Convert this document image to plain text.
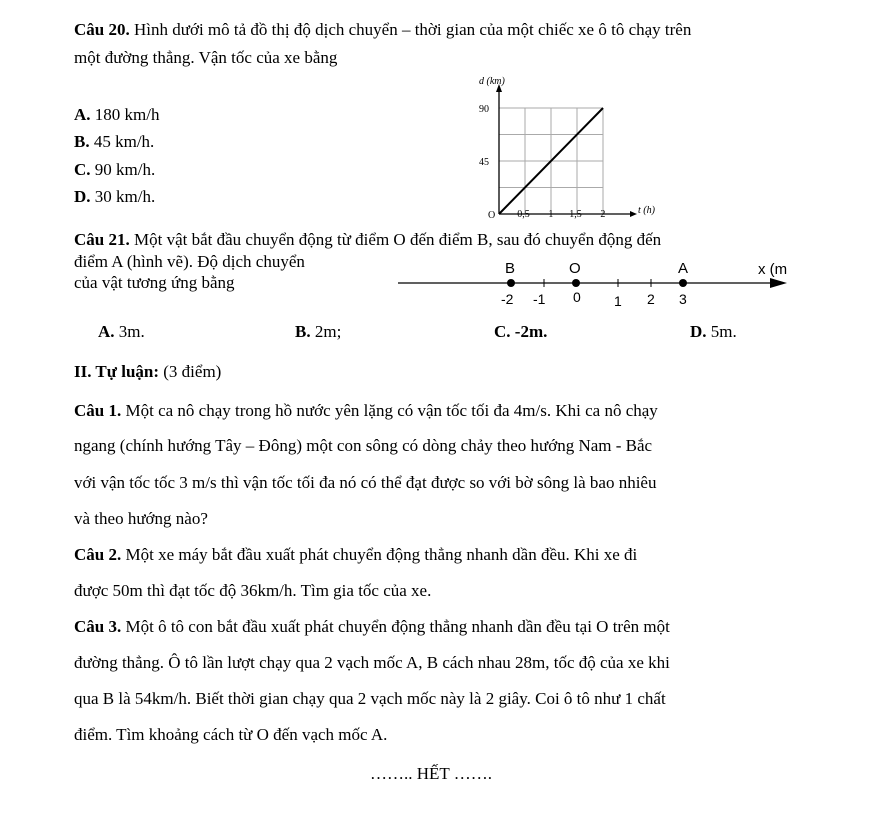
Câu 20. Hình dưới mô tả đồ thị độ dịch chuyển – thời gian của một chiếc xe ô tô chạy trên
một đường thẳng. Vận tốc của xe bằng
A. 180 km/h
B. 45 km/h.
C. 90 km/h.
D. 30 km/h.
0,5 1 1,5 2
45
90
O	t (h)
d (km)
Câu 21. Một vật bắt đầu chuyển động từ điểm O đến điểm B, sau đó chuyển động đến
điểm A (hình vẽ). Độ dịch chuyển
của vật tương ứng bằng
B	O	A	x (m
-2 -1 0 1 2 3
A. 3m.	B. 2m;	C. -2m.	D. 5m.
II. Tự luận: (3 điểm)
Câu 1. Một ca nô chạy trong hồ nước yên lặng có vận tốc tối đa 4m/s. Khi ca nô chạy
ngang (chính hướng Tây – Đông) một con sông có dòng chảy theo hướng Nam - Bắc
với vận tốc tốc 3 m/s thì vận tốc tối đa nó có thể đạt được so với bờ sông là bao nhiêu
và theo hướng nào?
Câu 2. Một xe máy bắt đầu xuất phát chuyển động thẳng nhanh dần đều. Khi xe đi
được 50m thì đạt tốc độ 36km/h. Tìm gia tốc của xe.
Câu 3. Một ô tô con bắt đầu xuất phát chuyển động thẳng nhanh dần đều tại O trên một
đường thẳng. Ô tô lần lượt chạy qua 2 vạch mốc A, B cách nhau 28m, tốc độ của xe khi
qua B là 54km/h. Biết thời gian chạy qua 2 vạch mốc này là 2 giây. Coi ô tô như 1 chất
điểm. Tìm khoảng cách từ O đến vạch mốc A.
…….. HẾT …….
